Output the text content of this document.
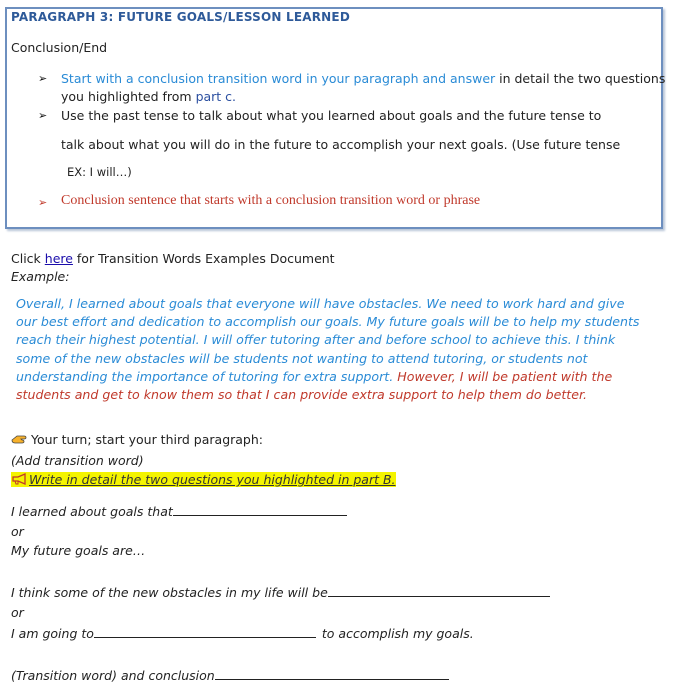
PARAGRAPH 3: FUTURE GOALS/LESSON LEARNED
Conclusion/End
➢ Start with a conclusion transition word in your paragraph and answer in detail the two questions
you highlighted from part c.
➢ Use the past tense to talk about what you learned about goals and the future tense to
talk about what you will do in the future to accomplish your next goals. (Use future tense
EX: I will…)
➢ Conclusion sentence that starts with a conclusion transition word or phrase
Click here for Transition Words Examples Document
Example:
Overall, I learned about goals that everyone will have obstacles. We need to work hard and give our best effort and dedication to accomplish our goals. My future goals will be to help my students reach their highest potential. I will offer tutoring after and before school to achieve this. I think some of the new obstacles will be students not wanting to attend tutoring, or students not understanding the importance of tutoring for extra support. However, I will be patient with the students and get to know them so that I can provide extra support to help them do better.
Your turn; start your third paragraph:
(Add transition word)
Write in detail the two questions you highlighted in part B.
I learned about goals that
or
My future goals are…
I think some of the new obstacles in my life will be
or
I am going to	to accomplish my goals.
(Transition word) and conclusion
